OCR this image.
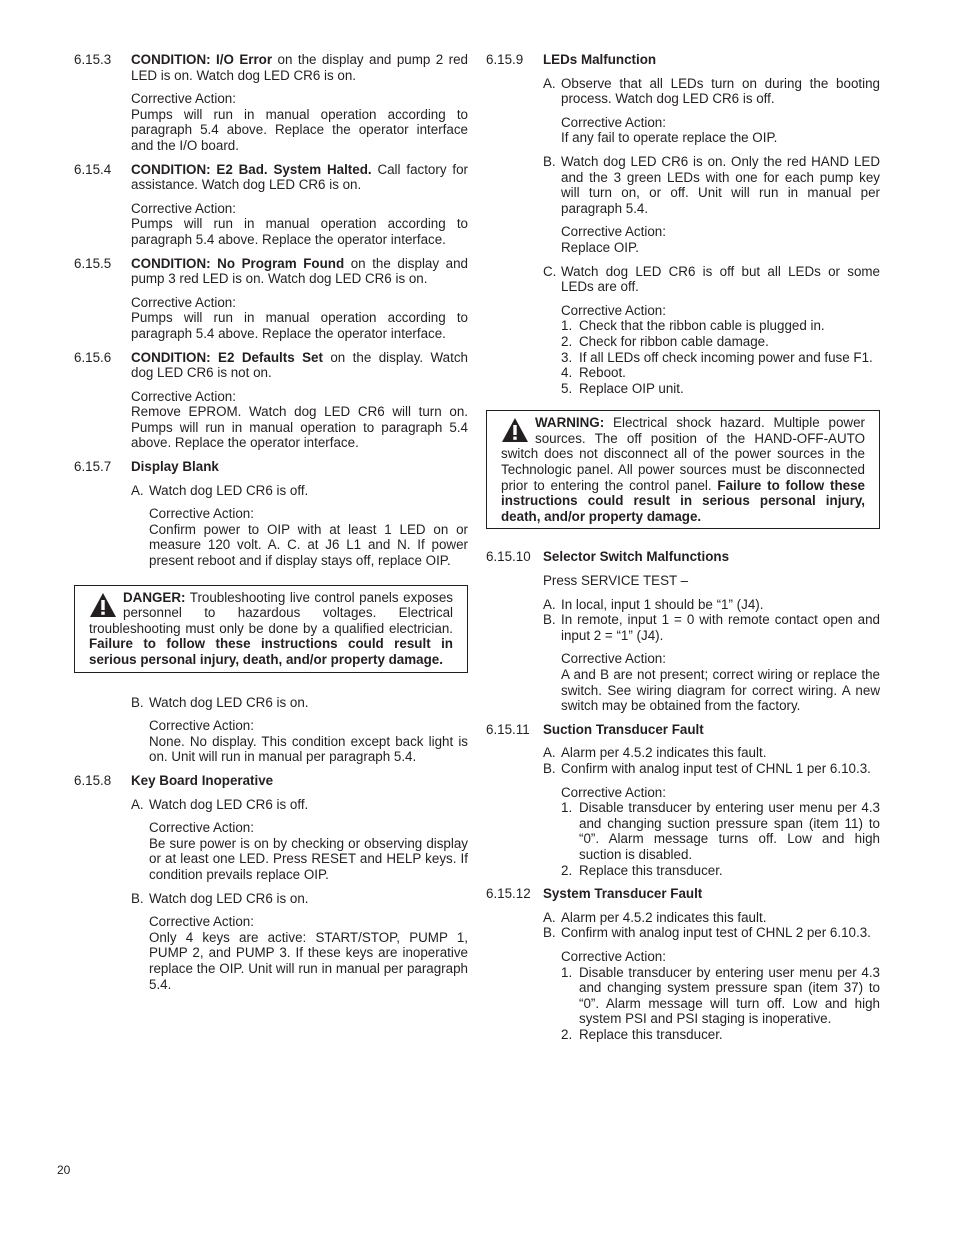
6.15.3	CONDITION: I/O Error on the display and pump 2 red LED is on. Watch dog LED CR6 is on.
Corrective Action:
Pumps will run in manual operation according to paragraph 5.4 above. Replace the operator interface and the I/O board.
6.15.4	CONDITION: E2 Bad. System Halted. Call factory for assistance. Watch dog LED CR6 is on.
Corrective Action:
Pumps will run in manual operation according to paragraph 5.4 above. Replace the operator interface.
6.15.5	CONDITION: No Program Found on the display and pump 3 red LED is on. Watch dog LED CR6 is on.
Corrective Action:
Pumps will run in manual operation according to paragraph 5.4 above. Replace the operator interface.
6.15.6	CONDITION: E2 Defaults Set on the display. Watch dog LED CR6 is not on.
Corrective Action:
Remove EPROM. Watch dog LED CR6 will turn on. Pumps will run in manual operation to paragraph 5.4 above. Replace the operator interface.
6.15.7	Display Blank
A. Watch dog LED CR6 is off.
Corrective Action:
Confirm power to OIP with at least 1 LED on or measure 120 volt. A. C. at J6 L1 and N. If power present reboot and if display stays off, replace OIP.
DANGER: Troubleshooting live control panels exposes personnel to hazardous voltages. Electrical troubleshooting must only be done by a qualified electrician. Failure to follow these instructions could result in serious personal injury, death, and/or property damage.
B. Watch dog LED CR6 is on.
Corrective Action:
None. No display. This condition except back light is on. Unit will run in manual per paragraph 5.4.
6.15.8	Key Board Inoperative
A. Watch dog LED CR6 is off.
Corrective Action:
Be sure power is on by checking or observing display or at least one LED. Press RESET and HELP keys. If condition prevails replace OIP.
B. Watch dog LED CR6 is on.
Corrective Action:
Only 4 keys are active: START/STOP, PUMP 1, PUMP 2, and PUMP 3. If these keys are inoperative replace the OIP. Unit will run in manual per paragraph 5.4.
6.15.9	LEDs Malfunction
A. Observe that all LEDs turn on during the booting process. Watch dog LED CR6 is off.
Corrective Action:
If any fail to operate replace the OIP.
B. Watch dog LED CR6 is on. Only the red HAND LED and the 3 green LEDs with one for each pump key will turn on, or off. Unit will run in manual per paragraph 5.4.
Corrective Action:
Replace OIP.
C. Watch dog LED CR6 is off but all LEDs or some LEDs are off.
Corrective Action:
1. Check that the ribbon cable is plugged in.
2. Check for ribbon cable damage.
3. If all LEDs off check incoming power and fuse F1.
4. Reboot.
5. Replace OIP unit.
WARNING: Electrical shock hazard. Multiple power sources. The off position of the HAND-OFF-AUTO switch does not disconnect all of the power sources in the Technologic panel. All power sources must be disconnected prior to entering the control panel. Failure to follow these instructions could result in serious personal injury, death, and/or property damage.
6.15.10 Selector Switch Malfunctions
Press SERVICE TEST –
A. In local, input 1 should be “1” (J4).
B. In remote, input 1 = 0 with remote contact open and input 2 = “1” (J4).
Corrective Action:
A and B are not present; correct wiring or replace the switch. See wiring diagram for correct wiring. A new switch may be obtained from the factory.
6.15.11 Suction Transducer Fault
A. Alarm per 4.5.2 indicates this fault.
B. Confirm with analog input test of CHNL 1 per 6.10.3.
Corrective Action:
1. Disable transducer by entering user menu per 4.3 and changing suction pressure span (item 11) to “0”. Alarm message turns off. Low and high suction is disabled.
2. Replace this transducer.
6.15.12 System Transducer Fault
A. Alarm per 4.5.2 indicates this fault.
B. Confirm with analog input test of CHNL 2 per 6.10.3.
Corrective Action:
1. Disable transducer by entering user menu per 4.3 and changing system pressure span (item 37) to “0”. Alarm message will turn off. Low and high system PSI and PSI staging is inoperative.
2. Replace this transducer.
20
